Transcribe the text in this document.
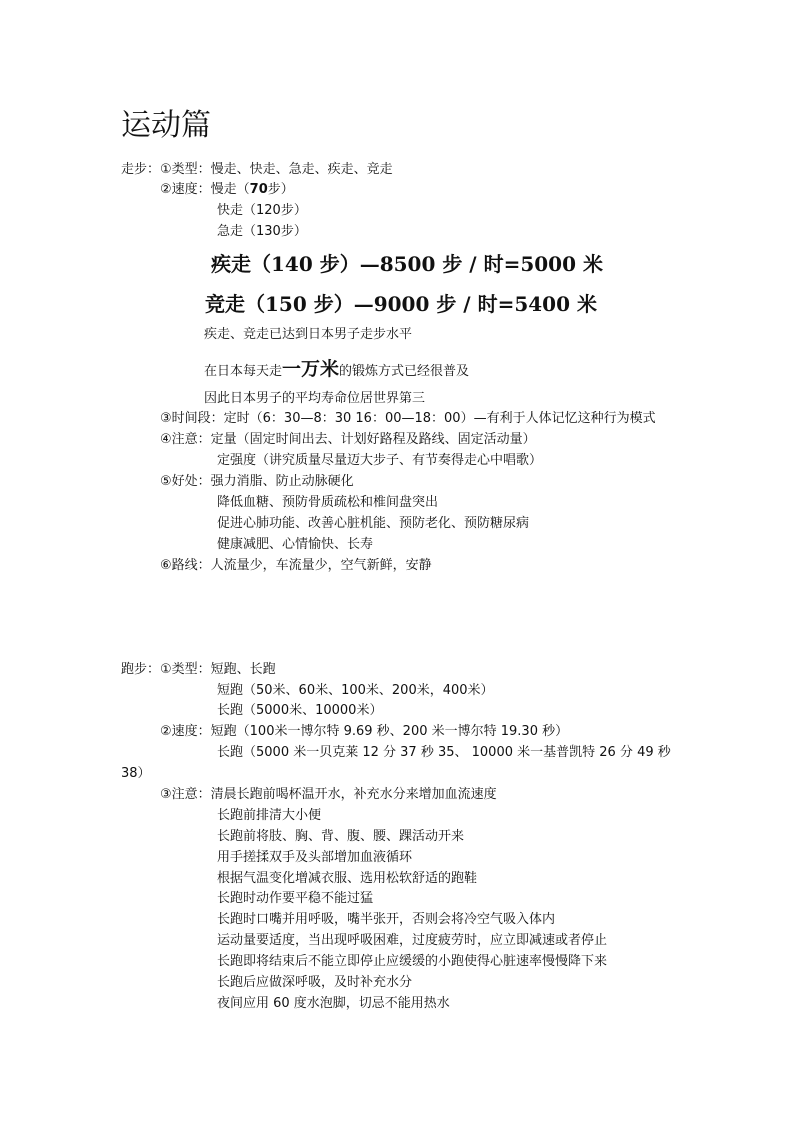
运动篇
走步：①类型：慢走、快走、急走、疾走、竞走
②速度：慢走（70步）
快走（120步）
急走（130步）
疾走（140 步）—8500 步 / 时=5000 米
竞走（150 步）—9000 步 / 时=5400 米
疾走、竞走已达到日本男子走步水平
在日本每天走一万米的锻炼方式已经很普及
因此日本男子的平均寿命位居世界第三
③时间段：定时（6：30—8：30 16：00—18：00）—有利于人体记忆这种行为模式
④注意：定量（固定时间出去、计划好路程及路线、固定活动量）
定强度（讲究质量尽量迈大步子、有节奏得走心中唱歌）
⑤好处：强力消脂、防止动脉硬化
降低血糖、预防骨质疏松和椎间盘突出
促进心肺功能、改善心脏机能、预防老化、预防糖尿病
健康减肥、心情愉快、长寿
⑥路线：人流量少，车流量少，空气新鲜，安静
跑步：①类型：短跑、长跑
短跑（50米、60米、100米、200米，400米）
长跑（5000米、10000米）
②速度：短跑（100米一博尔特 9.69 秒、200 米一博尔特 19.30 秒）
长跑（5000 米一贝克莱 12 分 37 秒 35、 10000 米一基普凯特 26 分 49 秒
38）
③注意：清晨长跑前喝杯温开水，补充水分来增加血流速度
长跑前排清大小便
长跑前将肢、胸、背、腹、腰、踝活动开来
用手搓揉双手及头部增加血液循环
根据气温变化增减衣服、选用松软舒适的跑鞋
长跑时动作要平稳不能过猛
长跑时口嘴并用呼吸，嘴半张开，否则会将冷空气吸入体内
运动量要适度，当出现呼吸困难，过度疲劳时，应立即减速或者停止
长跑即将结束后不能立即停止应缓缓的小跑使得心脏速率慢慢降下来
长跑后应做深呼吸，及时补充水分
夜间应用 60 度水泡脚，切忌不能用热水
